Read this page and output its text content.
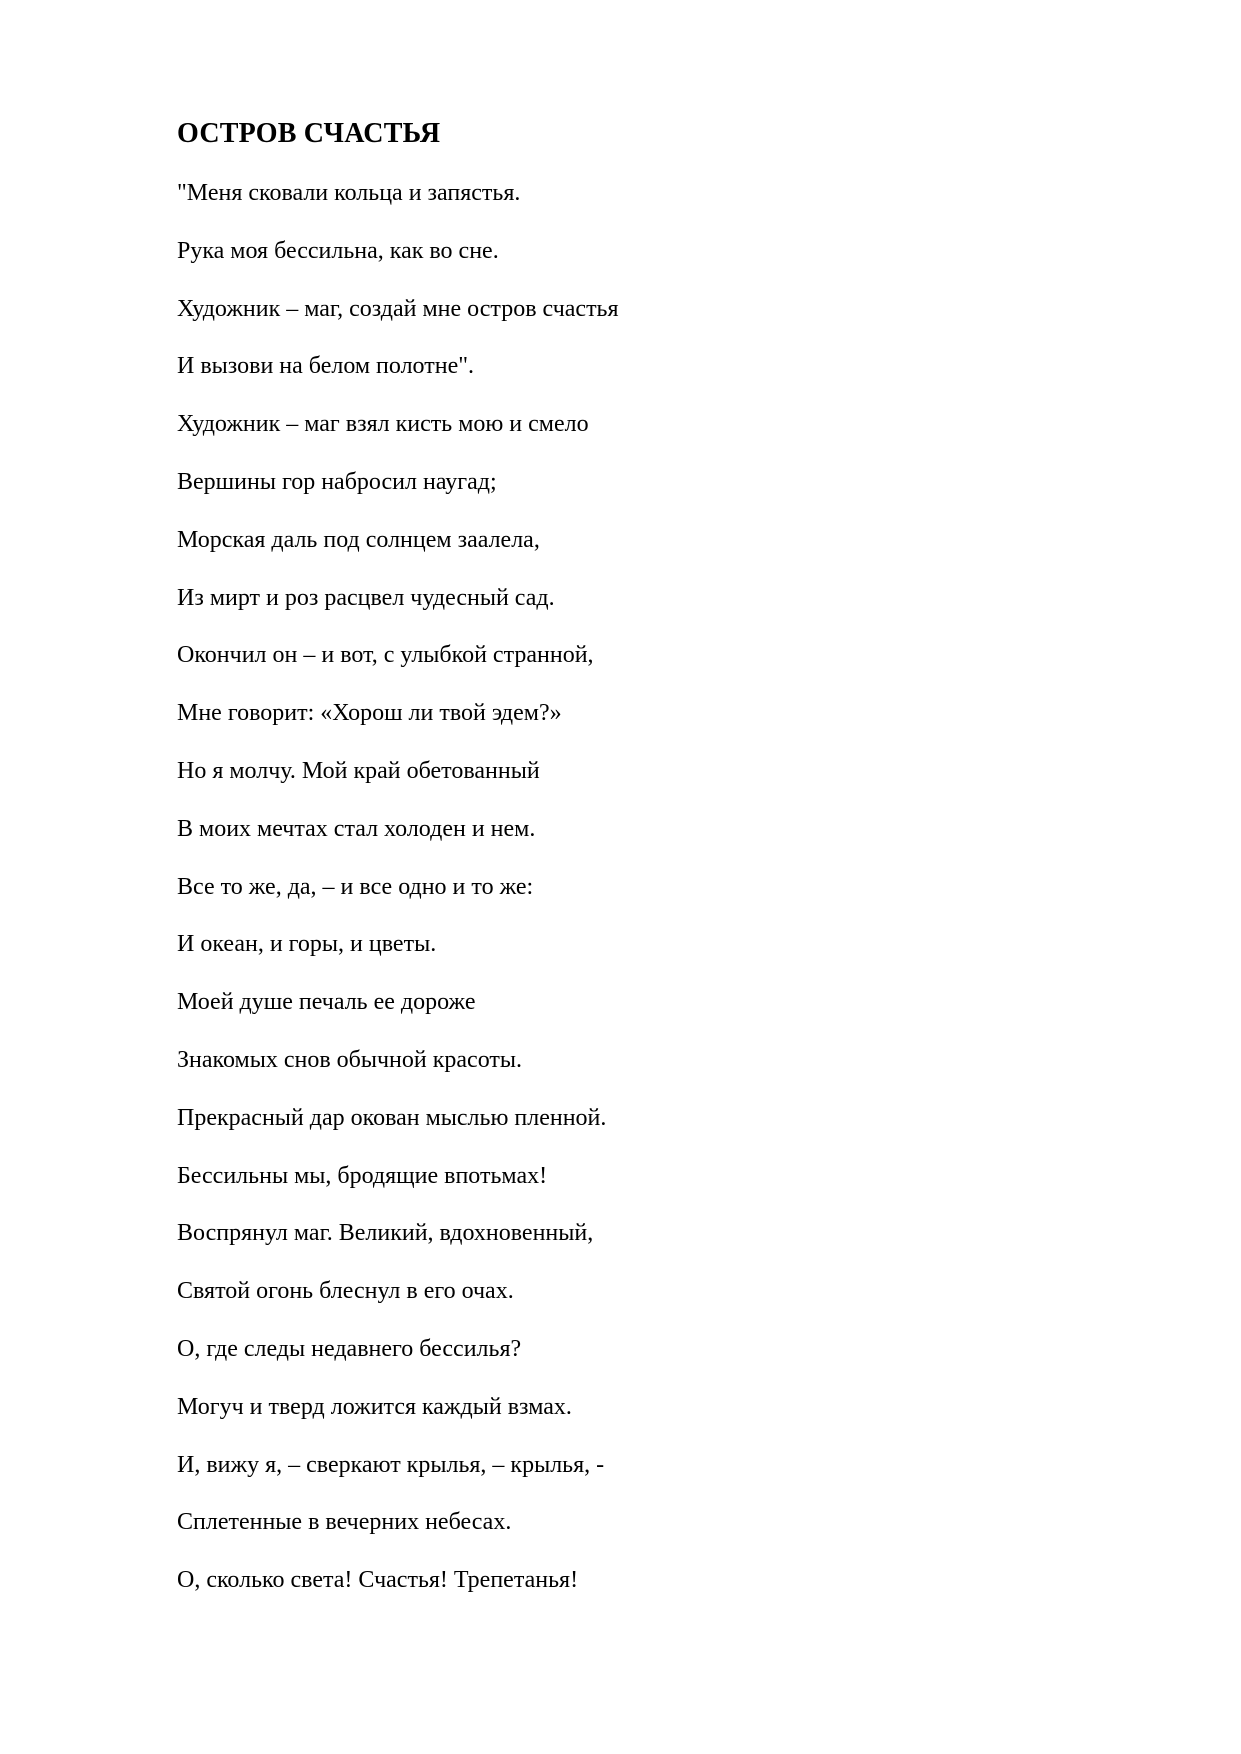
ОСТРОВ СЧАСТЬЯ
"Меня сковали кольца и запястья.
Рука моя бессильна, как во сне.
Художник – маг, создай мне остров счастья
И вызови на белом полотне".
Художник – маг взял кисть мою и смело
Вершины гор набросил наугад;
Морская даль под солнцем заалела,
Из мирт и роз расцвел чудесный сад.
Окончил он – и вот, с улыбкой странной,
Мне говорит: «Хорош ли твой эдем?»
Но я молчу. Мой край обетованный
В моих мечтах стал холоден и нем.
Все то же, да, – и все одно и то же:
И океан, и горы, и цветы.
Моей душе печаль ее дороже
Знакомых снов обычной красоты.
Прекрасный дар окован мыслью пленной.
Бессильны мы, бродящие впотьмах!
Воспрянул маг. Великий, вдохновенный,
Святой огонь блеснул в его очах.
О, где следы недавнего бессилья?
Могуч и тверд ложится каждый взмах.
И, вижу я, – сверкают крылья, – крылья, -
Сплетенные в вечерних небесах.
О, сколько света! Счастья! Трепетанья!
